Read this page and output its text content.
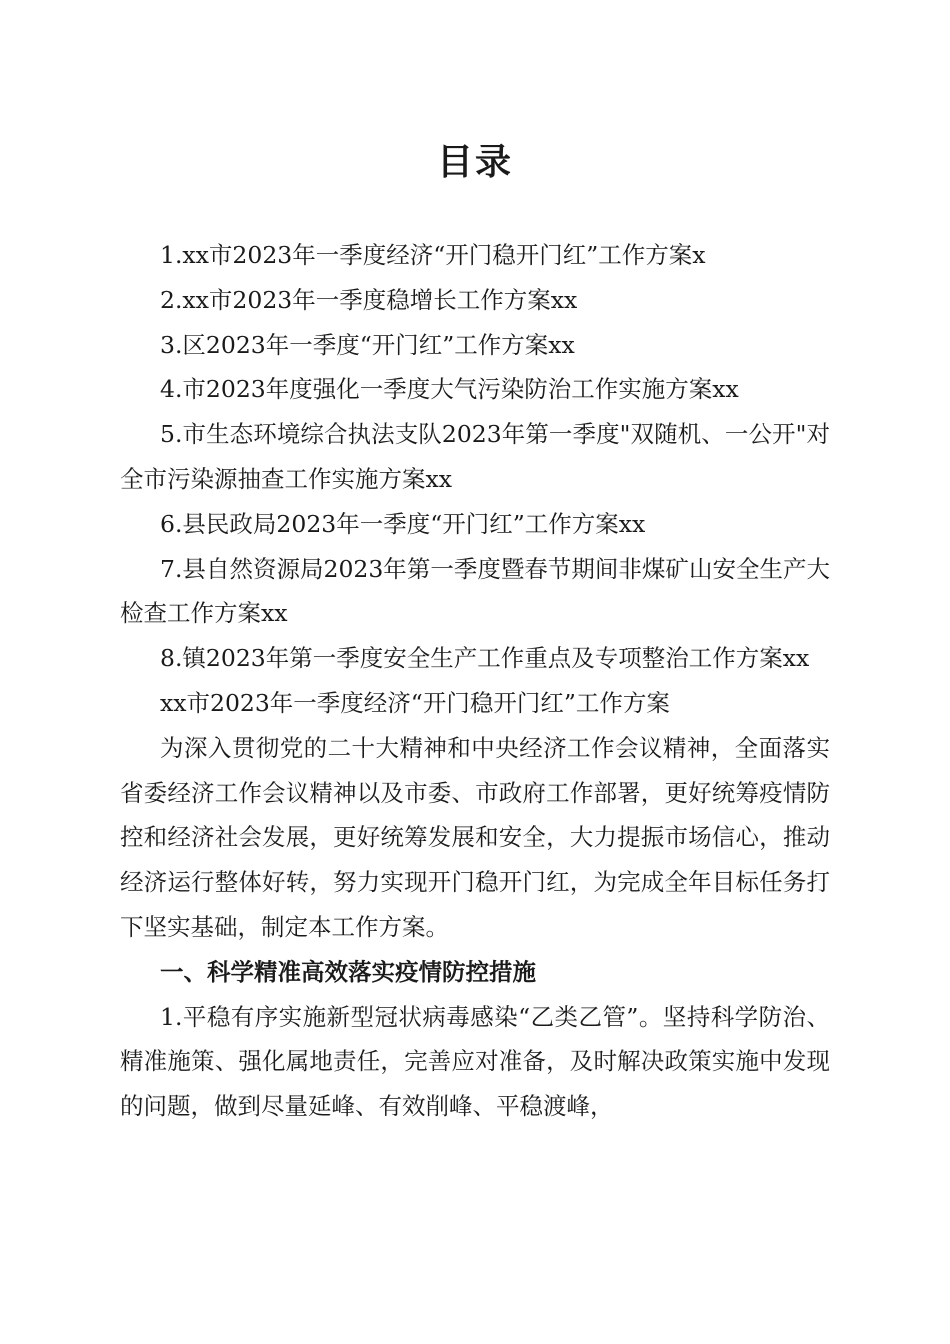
目录

1.xx市2023年一季度经济“开门稳开门红”工作方案x

2.xx市2023年一季度稳增长工作方案xx

3.区2023年一季度“开门红”工作方案xx

4.市2023年度强化一季度大气污染防治工作实施方案xx

5.市生态环境综合执法支队2023年第一季度"双随机、一公开"对全市污染源抽查工作实施方案xx

6.县民政局2023年一季度“开门红”工作方案xx

7.县自然资源局2023年第一季度暨春节期间非煤矿山安全生产大检查工作方案xx

8.镇2023年第一季度安全生产工作重点及专项整治工作方案xx

xx市2023年一季度经济“开门稳开门红”工作方案

为深入贯彻党的二十大精神和中央经济工作会议精神，全面落实省委经济工作会议精神以及市委、市政府工作部署，更好统筹疫情防控和经济社会发展，更好统筹发展和安全，大力提振市场信心，推动经济运行整体好转，努力实现开门稳开门红，为完成全年目标任务打下坚实基础，制定本工作方案。

一、科学精准高效落实疫情防控措施

1.平稳有序实施新型冠状病毒感染“乙类乙管”。坚持科学防治、精准施策、强化属地责任，完善应对准备，及时解决政策实施中发现的问题，做到尽量延峰、有效削峰、平稳渡峰，
